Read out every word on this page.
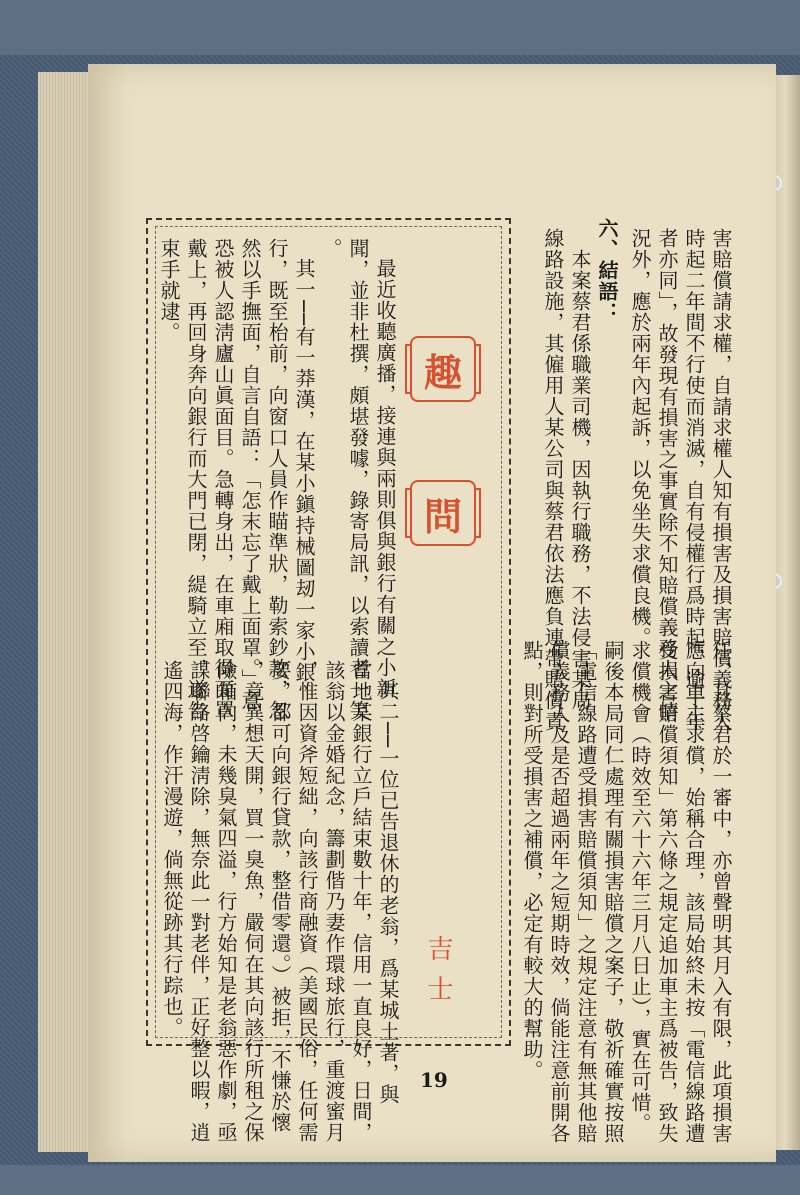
害賠償請求權，自請求權人知有損害及損害賠償義務人
時起二年間不行使而消滅，自有侵權行爲時起，逾十年
者亦同」，故發現有損害之事實除不知賠償義務人之情
況外，應於兩年內起訴，以免坐失求償良機。
六、結語：
　本案蔡君係職業司機，因執行職務，不法侵害某局
線路設施，其僱用人某公司與蔡君依法應負連帶賠償責
任，且蔡君於一審中，亦曾聲明其月入有限，此項損害
應向車主求償，始稱合理，該局始終未按「電信線路遭
受損害賠償須知」第六條之規定追加車主爲被告，致失
求償機會（時效至六十六年三月八日止），實在可惜。
嗣後本局同仁處理有關損害賠償之案子，敬祈確實按照
「電信線路遭受損害賠償須知」之規定注意有無其他賠
償義務人及是否超過兩年之短期時效，倘能注意前開各
點，則對所受損害之補償，必定有較大的幫助。
趣
問
最近收聽廣播，接連與兩則俱與銀行有關之小新
聞，並非杜撰，頗堪發噱，錄寄局訊，以索讀者一笑
。
其一──有一莽漢，在某小鎭持械圖刼一家小銀
行，既至枱前，向窗口人員作瞄準狀，勒索鈔款，忽
然以手撫面，自言自語：「怎末忘了戴上面罩。」意
恐被人認淸廬山眞面目。急轉身出，在車廂取得面罩
戴上，再回身奔向銀行而大門已閉，緹騎立至，遂告
束手就逮。
其二──一位已告退休的老翁，爲某城土著，與
當地某銀行立戶結束數十年，信用一直良好，日間，
該翁以金婚紀念，籌劃偕乃妻作環球旅行，重渡蜜月
，惟因資斧短絀，向該行商融資（美國民俗，任何需
要，都可向銀行貸款，整借零還。）被拒，不慊於懷
，竟異想天開，買一臭魚，嚴伺在其向該行所租之保
險箱內，未幾臭氣四溢，行方始知是老翁惡作劇，亟
謀聯絡啓鑰淸除，無奈此一對老伴，正好整以暇，逍
遙四海，作汗漫遊，倘無從跡其行踪也。	吉士
19
